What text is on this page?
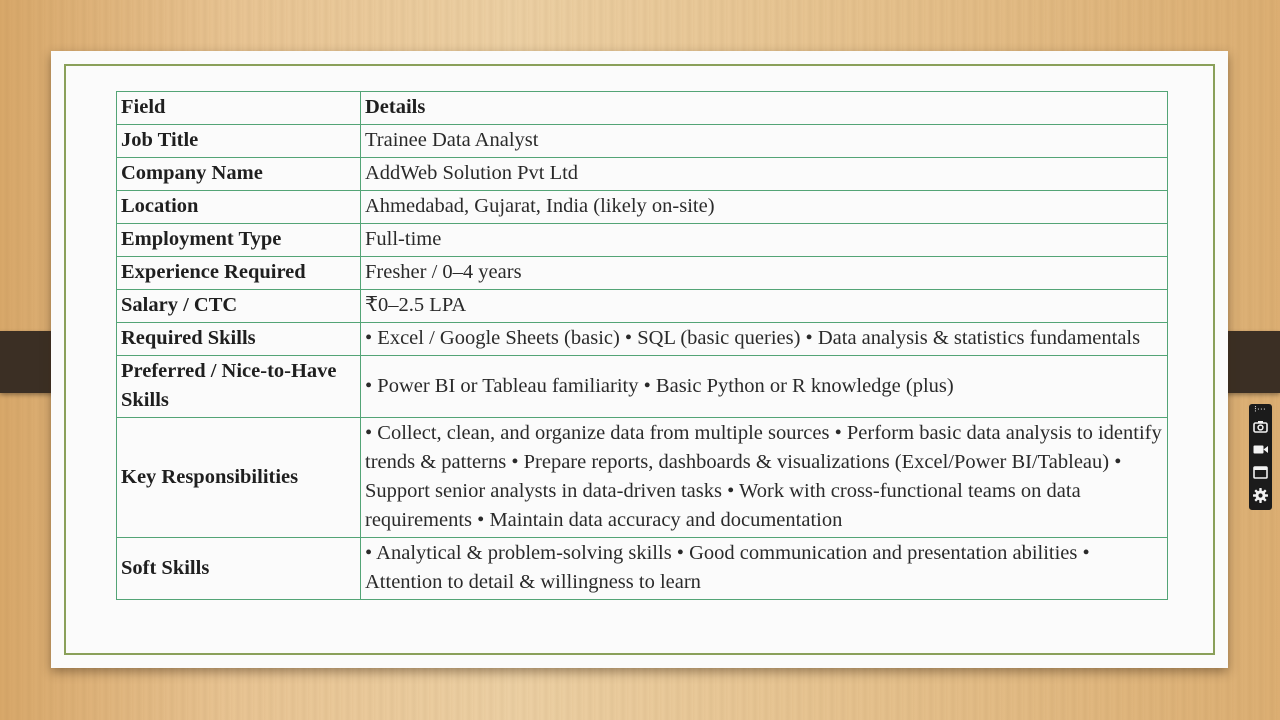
Field	Details
Job Title	Trainee Data Analyst
Company Name	AddWeb Solution Pvt Ltd
Location	Ahmedabad, Gujarat, India (likely on-site)
Employment Type	Full-time
Experience Required	Fresher / 0–4 years
Salary / CTC	₹0–2.5 LPA
Required Skills	• Excel / Google Sheets (basic) • SQL (basic queries) • Data analysis & statistics fundamentals
Preferred / Nice-to-Have Skills	• Power BI or Tableau familiarity • Basic Python or R knowledge (plus)
Key Responsibilities	• Collect, clean, and organize data from multiple sources • Perform basic data analysis to identify trends & patterns • Prepare reports, dashboards & visualizations (Excel/Power BI/Tableau) • Support senior analysts in data-driven tasks • Work with cross-functional teams on data requirements • Maintain data accuracy and documentation
Soft Skills	• Analytical & problem-solving skills • Good communication and presentation abilities • Attention to detail & willingness to learn
⁝⋯
